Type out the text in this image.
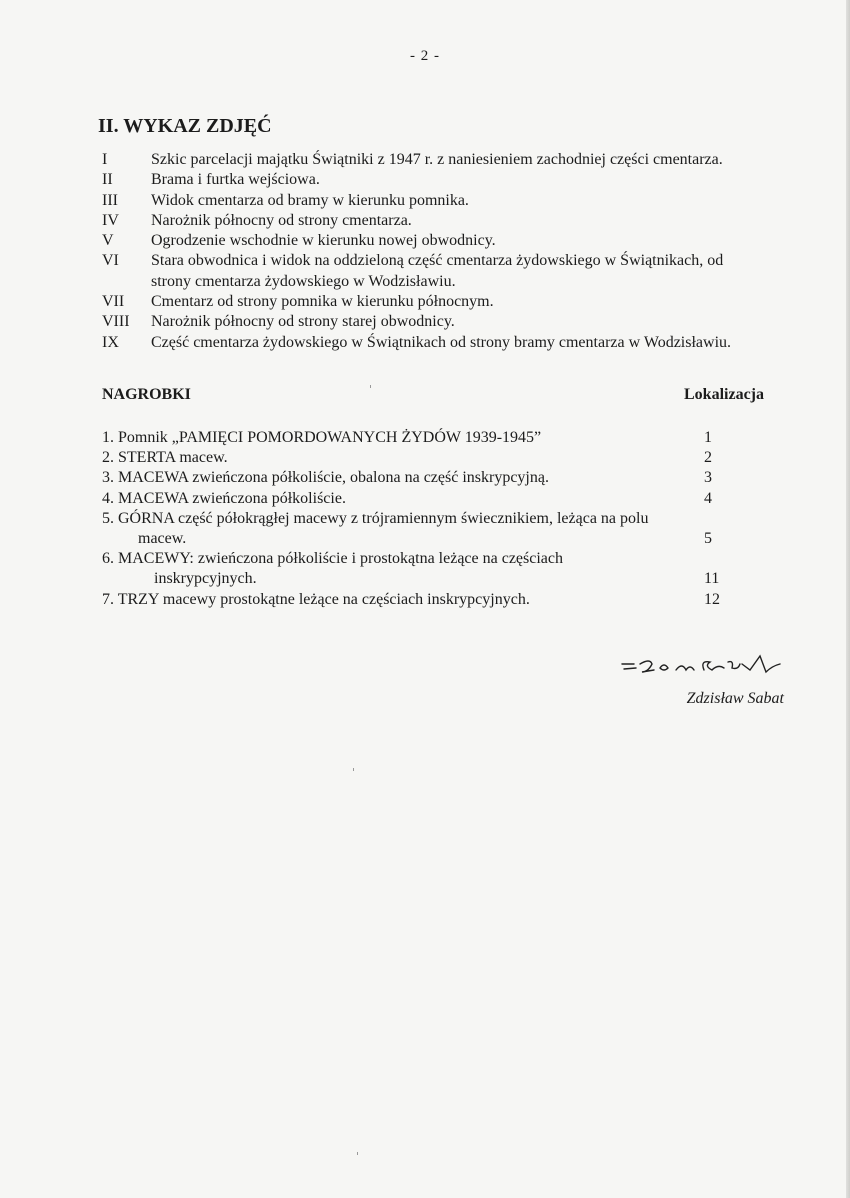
- 2 -
II. WYKAZ ZDJĘĆ
I	Szkic parcelacji majątku Świątniki z 1947 r. z naniesieniem zachodniej części cmentarza.
II	Brama i furtka wejściowa.
III	Widok cmentarza od bramy w kierunku pomnika.
IV	Narożnik północny od strony cmentarza.
V	Ogrodzenie wschodnie w kierunku nowej obwodnicy.
VI	Stara obwodnica i widok na oddzieloną część cmentarza żydowskiego w Świątnikach, od
strony cmentarza żydowskiego w Wodzisławiu.
VII	Cmentarz od strony pomnika w kierunku północnym.
VIII	Narożnik północny od strony starej obwodnicy.
IX	Część cmentarza żydowskiego w Świątnikach od strony bramy cmentarza w Wodzisławiu.
NAGROBKI	Lokalizacja
1. Pomnik „PAMIĘCI POMORDOWANYCH ŻYDÓW 1939-1945”	1
2. STERTA macew.	2
3. MACEWA zwieńczona półkoliście, obalona na część inskrypcyjną.	3
4. MACEWA zwieńczona półkoliście.	4
5. GÓRNA część półokrągłej macewy z trójramiennym świecznikiem, leżąca na polu
macew.	5
6. MACEWY: zwieńczona półkoliście i prostokątna leżące na częściach
inskrypcyjnych.	11
7. TRZY macewy prostokątne leżące na częściach inskrypcyjnych.	12
Zdzisław Sabat
